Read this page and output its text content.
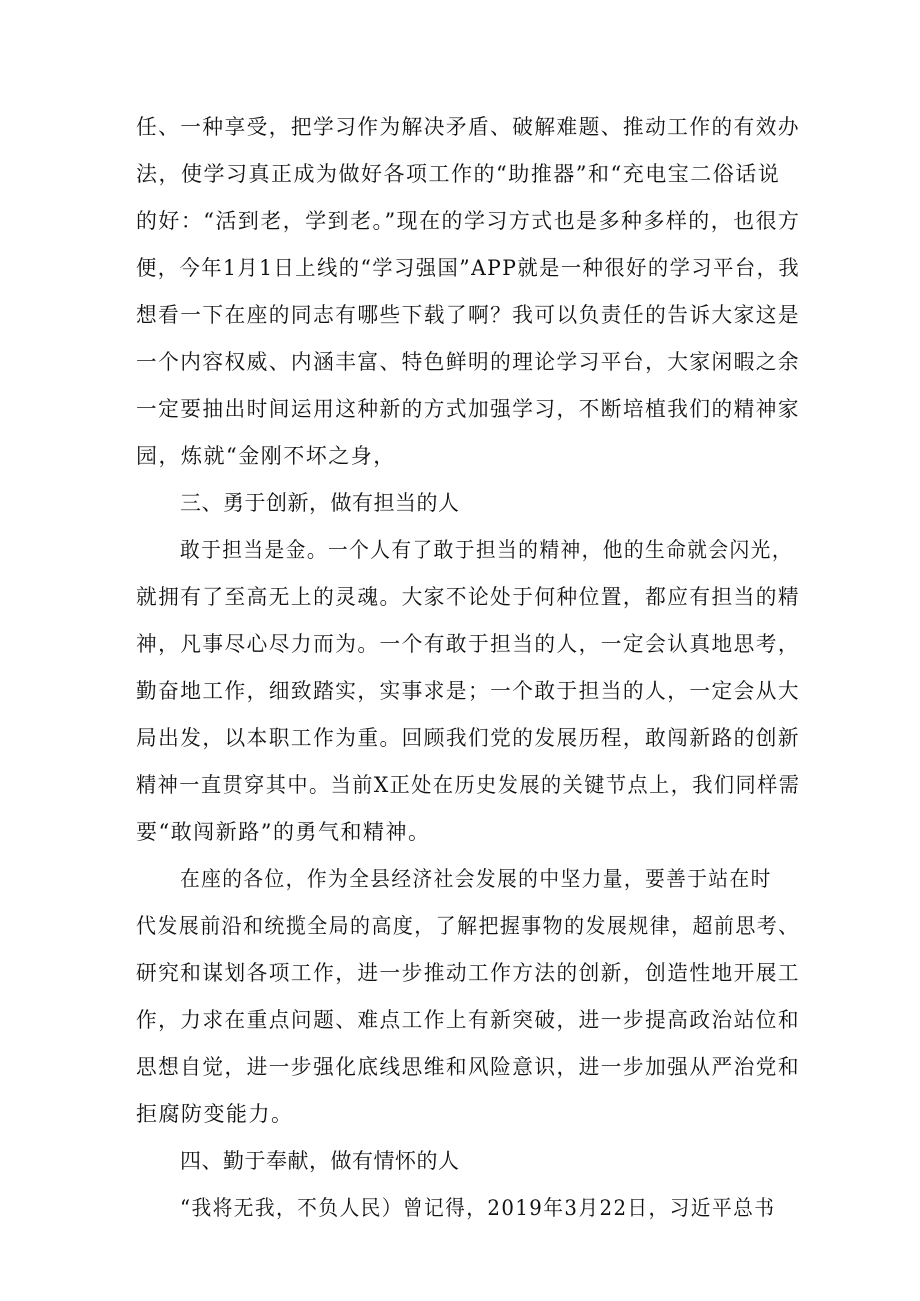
任、一种享受，把学习作为解决矛盾、破解难题、推动工作的有效办
法，使学习真正成为做好各项工作的“助推器”和“充电宝二俗话说
的好：“活到老，学到老。”现在的学习方式也是多种多样的，也很方
便，今年1月1日上线的“学习强国”APP就是一种很好的学习平台，我
想看一下在座的同志有哪些下载了啊？我可以负责任的告诉大家这是
一个内容权威、内涵丰富、特色鲜明的理论学习平台，大家闲暇之余
一定要抽出时间运用这种新的方式加强学习，不断培植我们的精神家
园，炼就“金刚不坏之身，
三、勇于创新，做有担当的人
敢于担当是金。一个人有了敢于担当的精神，他的生命就会闪光，
就拥有了至高无上的灵魂。大家不论处于何种位置，都应有担当的精
神，凡事尽心尽力而为。一个有敢于担当的人，一定会认真地思考，
勤奋地工作，细致踏实，实事求是；一个敢于担当的人，一定会从大
局出发，以本职工作为重。回顾我们党的发展历程，敢闯新路的创新
精神一直贯穿其中。当前X正处在历史发展的关键节点上，我们同样需
要“敢闯新路”的勇气和精神。
在座的各位，作为全县经济社会发展的中坚力量，要善于站在时
代发展前沿和统揽全局的高度，了解把握事物的发展规律，超前思考、
研究和谋划各项工作，进一步推动工作方法的创新，创造性地开展工
作，力求在重点问题、难点工作上有新突破，进一步提高政治站位和
思想自觉，进一步强化底线思维和风险意识，进一步加强从严治党和
拒腐防变能力。
四、勤于奉献，做有情怀的人
“我将无我，不负人民）曾记得，2019年3月22日，习近平总书
